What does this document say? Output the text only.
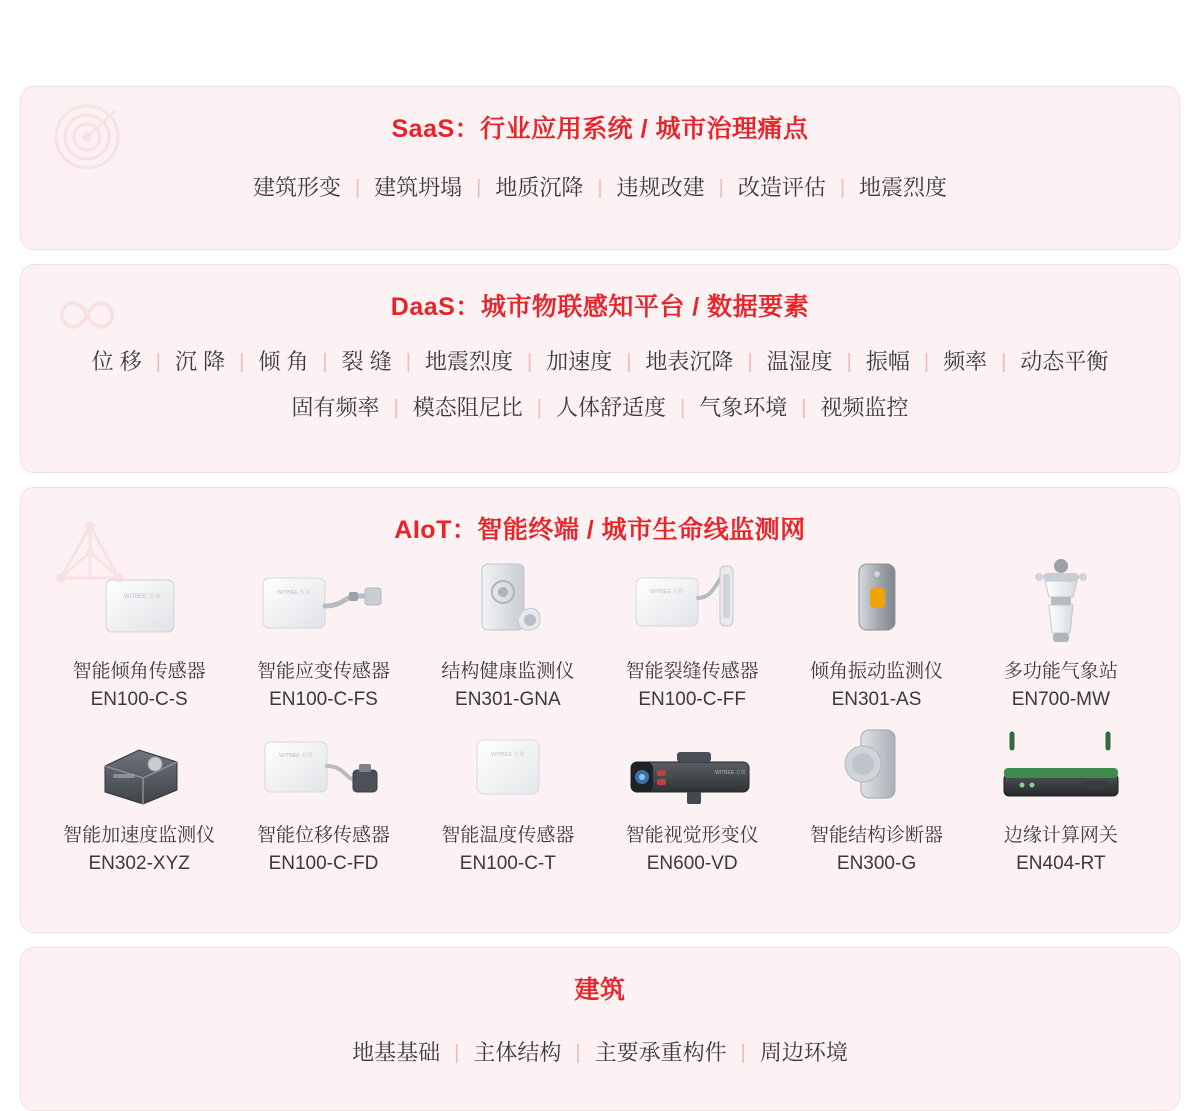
SaaS：行业应用系统 / 城市治理痛点
建筑形变 | 建筑坍塌 | 地质沉降 | 违规改建 | 改造评估 | 地震烈度
DaaS：城市物联感知平台 / 数据要素
位 移 | 沉 降 | 倾 角 | 裂 缝 | 地震烈度 | 加速度 | 地表沉降 | 温湿度 | 振幅 | 频率 | 动态平衡
固有频率 | 模态阻尼比 | 人体舒适度 | 气象环境 | 视频监控
AIoT：智能终端 / 城市生命线监测网
WITBEE 万宾
智能倾角传感器
EN100-C-S
WITBEE 万宾
智能应变传感器
EN100-C-FS
结构健康监测仪
EN301-GNA
WITBEE 万宾
智能裂缝传感器
EN100-C-FF
倾角振动监测仪
EN301-AS
多功能气象站
EN700-MW
智能加速度监测仪
EN302-XYZ
WITBEE 万宾
智能位移传感器
EN100-C-FD
WITBEE 万宾
智能温度传感器
EN100-C-T
WITBEE 万宾
智能视觉形变仪
EN600-VD
智能结构诊断器
EN300-G
边缘计算网关
EN404-RT
建筑
地基基础 | 主体结构 | 主要承重构件 | 周边环境
